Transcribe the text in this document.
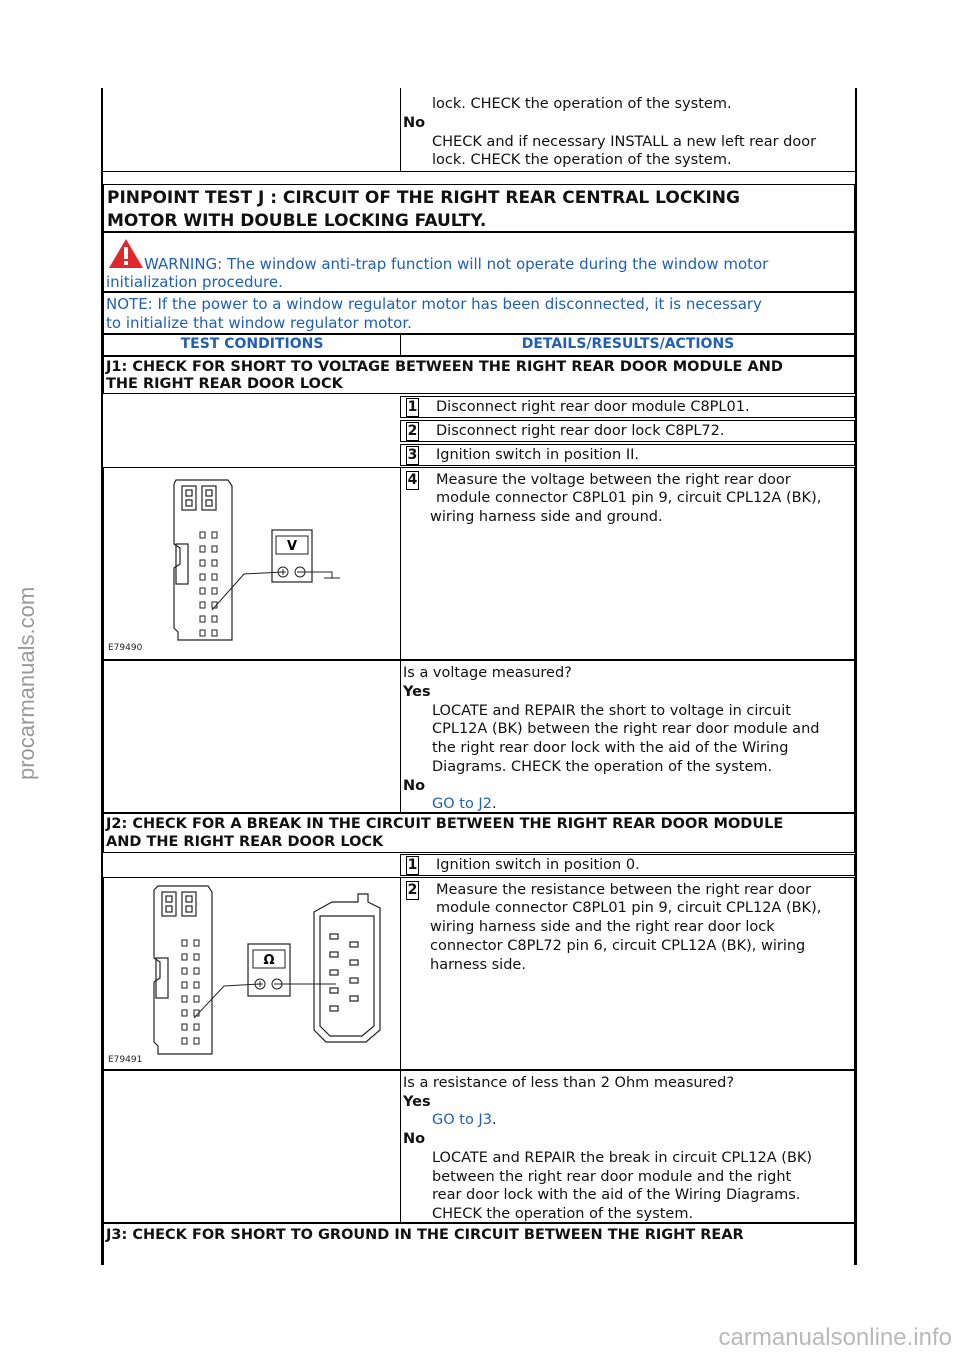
procarmanuals.com
carmanualsonline.info
lock. CHECK the operation of the system.
No
CHECK and if necessary INSTALL a new left rear door
lock. CHECK the operation of the system.
PINPOINT TEST J : CIRCUIT OF THE RIGHT REAR CENTRAL LOCKING
MOTOR WITH DOUBLE LOCKING FAULTY.
WARNING: The window anti-trap function will not operate during the window motor
initialization procedure.
NOTE: If the power to a window regulator motor has been disconnected, it is necessary
to initialize that window regulator motor.
TEST CONDITIONS	DETAILS/RESULTS/ACTIONS
J1: CHECK FOR SHORT TO VOLTAGE BETWEEN THE RIGHT REAR DOOR MODULE AND
THE RIGHT REAR DOOR LOCK
1 Disconnect right rear door module C8PL01.
2 Disconnect right rear door lock C8PL72.
3 Ignition switch in position II.
4 Measure the voltage between the right rear door
module connector C8PL01 pin 9, circuit CPL12A (BK),
wiring harness side and ground.
V
E79490
Is a voltage measured?
Yes
LOCATE and REPAIR the short to voltage in circuit
CPL12A (BK) between the right rear door module and
the right rear door lock with the aid of the Wiring
Diagrams. CHECK the operation of the system.
No
GO to J2.
J2: CHECK FOR A BREAK IN THE CIRCUIT BETWEEN THE RIGHT REAR DOOR MODULE
AND THE RIGHT REAR DOOR LOCK
1 Ignition switch in position 0.
2 Measure the resistance between the right rear door
module connector C8PL01 pin 9, circuit CPL12A (BK),
wiring harness side and the right rear door lock
connector C8PL72 pin 6, circuit CPL12A (BK), wiring
harness side.
Ω
E79491
Is a resistance of less than 2 Ohm measured?
Yes
GO to J3.
No
LOCATE and REPAIR the break in circuit CPL12A (BK)
between the right rear door module and the right
rear door lock with the aid of the Wiring Diagrams.
CHECK the operation of the system.
J3: CHECK FOR SHORT TO GROUND IN THE CIRCUIT BETWEEN THE RIGHT REAR
